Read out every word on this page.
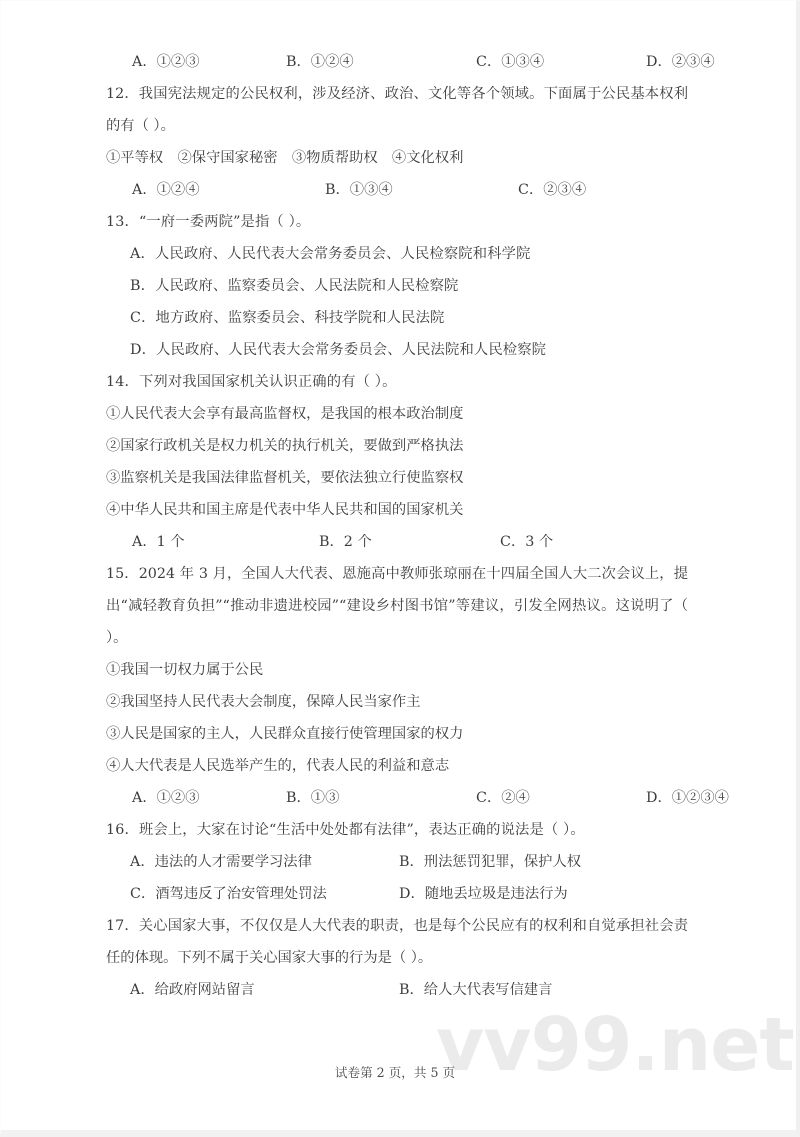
vv99.net
A．①②③	B．①②④	C．①③④	D．②③④
12．我国宪法规定的公民权利，涉及经济、政治、文化等各个领域。下面属于公民基本权利的有（ ）。
①平等权　②保守国家秘密　③物质帮助权　④文化权利
A．①②④	B．①③④	C．②③④
13．“一府一委两院”是指（ ）。
A．人民政府、人民代表大会常务委员会、人民检察院和科学院
B．人民政府、监察委员会、人民法院和人民检察院
C．地方政府、监察委员会、科技学院和人民法院
D．人民政府、人民代表大会常务委员会、人民法院和人民检察院
14．下列对我国国家机关认识正确的有（ ）。
①人民代表大会享有最高监督权，是我国的根本政治制度
②国家行政机关是权力机关的执行机关，要做到严格执法
③监察机关是我国法律监督机关，要依法独立行使监察权
④中华人民共和国主席是代表中华人民共和国的国家机关
A．1 个	B．2 个	C．3 个
15．2024 年 3 月，全国人大代表、恩施高中教师张琼丽在十四届全国人大二次会议上，提出“减轻教育负担”“推动非遗进校园”“建设乡村图书馆”等建议，引发全网热议。这说明了（ ）。
①我国一切权力属于公民
②我国坚持人民代表大会制度，保障人民当家作主
③人民是国家的主人，人民群众直接行使管理国家的权力
④人大代表是人民选举产生的，代表人民的利益和意志
A．①②③	B．①③	C．②④	D．①②③④
16．班会上，大家在讨论“生活中处处都有法律”，表达正确的说法是（ ）。
A．违法的人才需要学习法律	B．刑法惩罚犯罪，保护人权
C．酒驾违反了治安管理处罚法	D．随地丢垃圾是违法行为
17．关心国家大事，不仅仅是人大代表的职责，也是每个公民应有的权利和自觉承担社会责任的体现。下列不属于关心国家大事的行为是（ ）。
A．给政府网站留言	B．给人大代表写信建言
试卷第 2 页，共 5 页
